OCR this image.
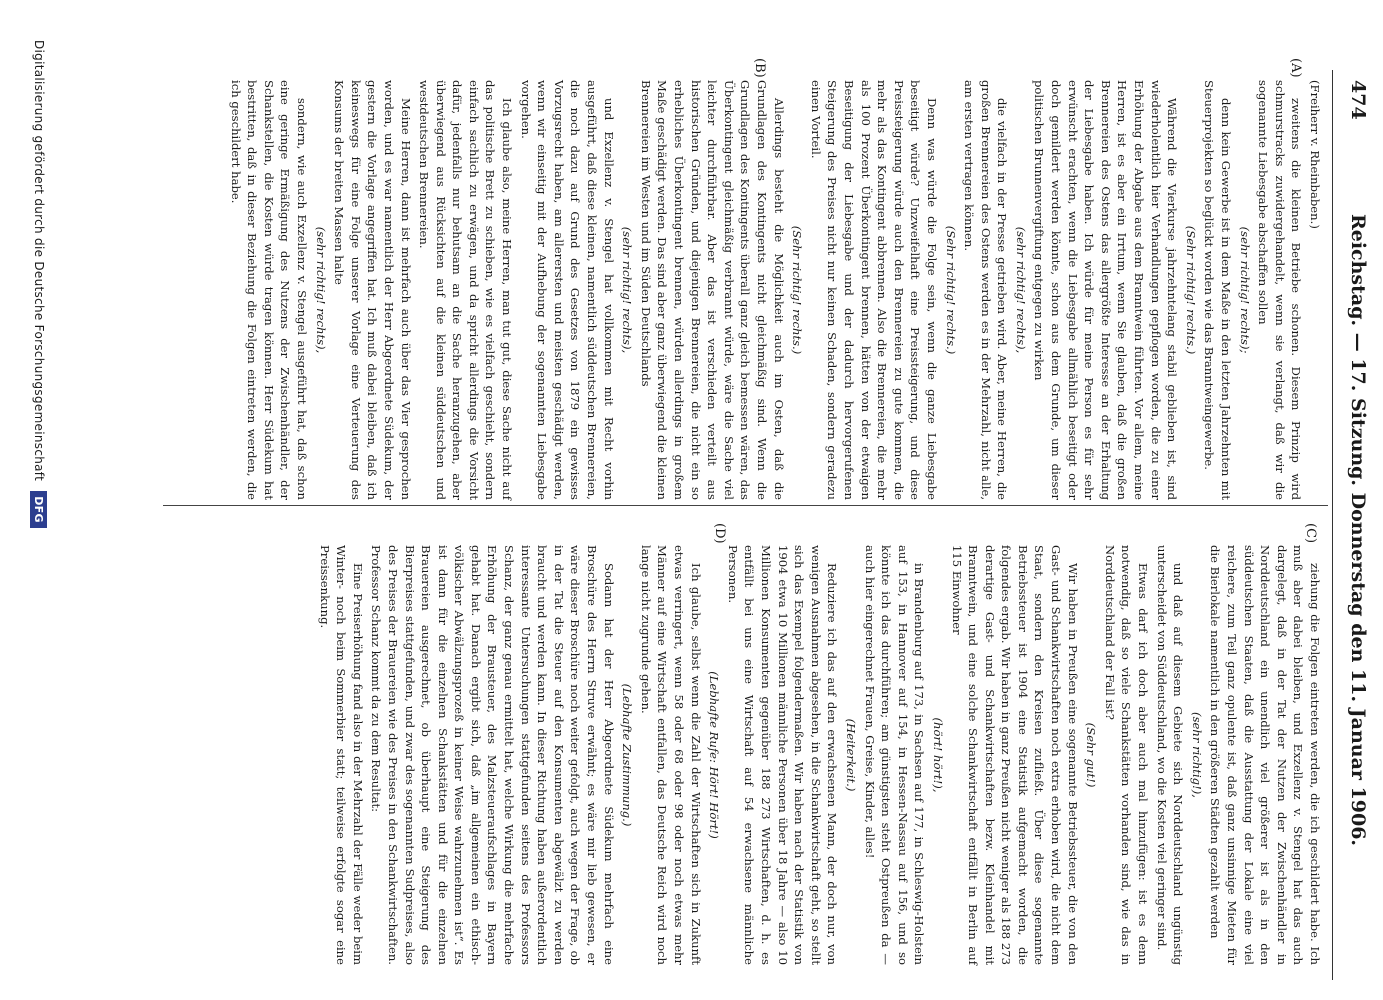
474
Reichstag. — 17. Sitzung. Donnerstag den 11. Januar 1906.
(A)
(B)

(Freiherr v. Rheinbaben.)

zweitens die kleinen Betriebe schonen. Diesem Prinzip wird schmurstracks zuwidergehandelt, wenn sie verlangt, daß wir die sogenannte Liebesgabe abschaffen sollen

(sehr richtig! rechts);

denn kein Gewerbe ist in dem Maße in den letzten Jahrzehnten mit Steuerprojekten so beglückt worden wie das Branntweingewerbe.

(Sehr richtig! rechts.)

Während die Vierkurse jahrzehntelang stabil geblieben ist, sind wiederholentlich hier Verhandlungen gepflogen worden, die zu einer Erhöhung der Abgabe aus dem Branntwein führten. Vor allem, meine Herren, ist es aber ein Irrtum, wenn Sie glauben, daß die großen Brennereien des Ostens das allergrößte Interesse an der Erhaltung der Liebesgabe haben. Ich würde für meine Person es für sehr erwünscht erachten, wenn die Liebesgabe allmählich beseitigt oder doch gemildert werden könnte, schon aus dem Grunde, um dieser politischen Brunnenvergiftung entgegen zu wirken

(sehr richtig! rechts),

die vielfach in der Presse getrieben wird. Aber, meine Herren, die großen Brennereien des Ostens werden es in der Mehrzahl, nicht alle, am ersten vertragen können.

(Sehr richtig! rechts.)

Denn was würde die Folge sein, wenn die ganze Liebesgabe beseitigt würde? Unzweifelhaft eine Preissteigerung, und diese Preissteigerung würde auch den Brennereien zu gute kommen, die mehr als das Kontingent abbrennen. Also die Brennereien, die mehr als 100 Prozent Überkontingent brennen, hätten von der etwaigen Beseitigung der Liebesgabe und der dadurch hervorgerufenen Steigerung des Preises nicht nur keinen Schaden, sondern geradezu einen Vorteil.

(Sehr richtig! rechts.)

Allerdings besteht die Möglichkeit auch im Osten, daß die Grundlagen des Kontingents nicht gleichmäßig sind. Wenn die Grundlagen des Kontingents überall ganz gleich bemessen wären, das Überkontingent gleichmäßig verbrannt würde, wäre die Sache viel leichter durchführbar. Aber das ist verschieden verteilt aus historischen Gründen, und diejenigen Brennereien, die nicht ein so erhebliches Überkontingent brennen, würden allerdings in großem Maße geschädigt werden. Das sind aber ganz überwiegend die kleinen Brennereien im Westen und im Süden Deutschlands

(sehr richtig! rechts),

und Exzellenz v. Stengel hat vollkommen mit Recht vorhin ausgeführt, daß diese kleinen, namentlich süddeutschen Brennereien, die noch dazu auf Grund des Gesetzes von 1879 ein gewisses Vorzugsrecht haben, am allerersten und meisten geschädigt werden, wenn wir einseitig mit der Aufhebung der sogenannten Liebesgabe vorgehen.

Ich glaube also, meine Herren, man tut gut, diese Sache nicht auf das politische Brett zu schieben, wie es vielfach geschieht, sondern einfach sachlich zu erwägen, und da spricht allerdings die Vorsicht dafür, jedenfalls nur behutsam an die Sache heranzugehen, aber überwiegend aus Rücksichten auf die kleinen süddeutschen und westdeutschen Brennereien.

Meine Herren, dann ist mehrfach auch über das Vier gesprochen worden, und es war namentlich der Herr Abgeordnete Südekum, der gestern die Vorlage angegriffen hat. Ich muß dabei bleiben, daß ich keineswegs für eine Folge unserer Vorlage eine Verteuerung des Konsums der breiten Massen halte

(sehr richtig! rechts),

sondern, wie auch Exzellenz v. Stengel ausgeführt hat, daß schon eine geringe Ermäßigung des Nutzens der Zwischenhändler, der Schankstellen, die Kosten würde tragen können. Herr Südekum hat bestritten, daß in dieser Beziehung die Folgen eintreten werden, die ich geschildert habe.

(C)
(D)

ziehung die Folgen eintreten werden, die ich geschildert habe. Ich muß aber dabei bleiben, und Exzellenz v. Stengel hat das auch dargelegt, daß in der Tat der Nutzen der Zwischenhändler in Norddeutschland ein unendlich viel größerer ist als in den süddeutschen Staaten, daß die Ausstattung der Lokale eine viel reichere, zum Teil ganz opulente ist, daß ganz unsinnige Mieten für die Bierlokale namentlich in den größeren Städten gezahlt werden

(sehr richtig!),

und daß auf diesem Gebiete sich Norddeutschland ungünstig unterscheidet von Süddeutschland, wo die Kosten viel geringer sind.

Etwas darf ich doch aber auch mal hinzufügen: ist es denn notwendig, daß so viele Schankstätten vorhanden sind, wie das in Norddeutschland der Fall ist?

(Sehr gut!)

Wir haben in Preußen eine sogenannte Betriebssteuer, die von den Gast- und Schankwirtschaften noch extra erhoben wird, die nicht dem Staat, sondern den Kreisen zufließt. Über diese sogenannte Betriebssteuer ist 1904 eine Statistik aufgemacht worden, die folgendes ergab. Wir haben in ganz Preußen nicht weniger als 188 273 derartige Gast- und Schankwirtschaften bezw. Kleinhandel mit Branntwein, und eine solche Schankwirtschaft entfällt in Berlin auf 115 Einwohner

(hört! hört!),

in Brandenburg auf 173, in Sachsen auf 177, in Schleswig-Holstein auf 153, in Hannover auf 154, in Hessen-Nassau auf 156, und so könnte ich das durchführen; am günstigsten steht Ostpreußen da — auch hier eingerechnet Frauen, Greise, Kinder, alles!

(Heiterkeit.)

Reduziere ich das auf den erwachsenen Mann, der doch nur, von wenigen Ausnahmen abgesehen, in die Schankwirtschaft geht, so stellt sich das Exempel folgendermaßen. Wir haben nach der Statistik von 1904 etwa 10 Millionen männliche Personen über 18 Jahre — also 10 Millionen Konsumenten gegenüber 188 273 Wirtschaften, d. h. es entfällt bei uns eine Wirtschaft auf 54 erwachsene männliche Personen.

(Lebhafte Rufe: Hört! Hört!)

Ich glaube, selbst wenn die Zahl der Wirtschaften sich in Zukunft etwas verringert, wenn 58 oder 68 oder 98 oder noch etwas mehr Männer auf eine Wirtschaft entfallen, das Deutsche Reich wird noch lange nicht zugrunde gehen.

(Lebhafte Zustimmung.)

Sodann hat der Herr Abgeordnete Südekum mehrfach eine Broschüre des Herrn Struve erwähnt; es wäre mir lieb gewesen, er wäre dieser Broschüre noch weiter gefolgt, auch wegen der Frage, ob in der Tat die Steuer auf den Konsumenten abgewälzt zu werden braucht und werden kann. In dieser Richtung haben außerordentlich interessante Untersuchungen stattgefunden seitens des Professors Schanz, der ganz genau ermittelt hat, welche Wirkung die mehrfache Erhöhung der Brausteuer, des Malzsteueraufschlages in Bayern gehabt hat. Danach ergibt sich, daß „im allgemeinen ein ethisch-völkischer Abwälzungsprozeß in keiner Weise wahrzunehmen ist“. Es ist dann für die einzelnen Schankstätten und für die einzelnen Brauereien ausgerechnet, ob überhaupt eine Steigerung des Bierpreises stattgefunden, und zwar des sogenannten Sudpreises, also des Preises der Brauereien wie des Preises in den Schankwirtschaften. Professor Schanz kommt da zu dem Resultat:

Eine Preiserhöhung fand also in der Mehrzahl der Fälle weder beim Winter- noch beim Sommerbier statt; teilweise erfolgte sogar eine Preissenkung.

Digitalisierung gefördert durch die Deutsche Forschungsgemeinschaft DFG
